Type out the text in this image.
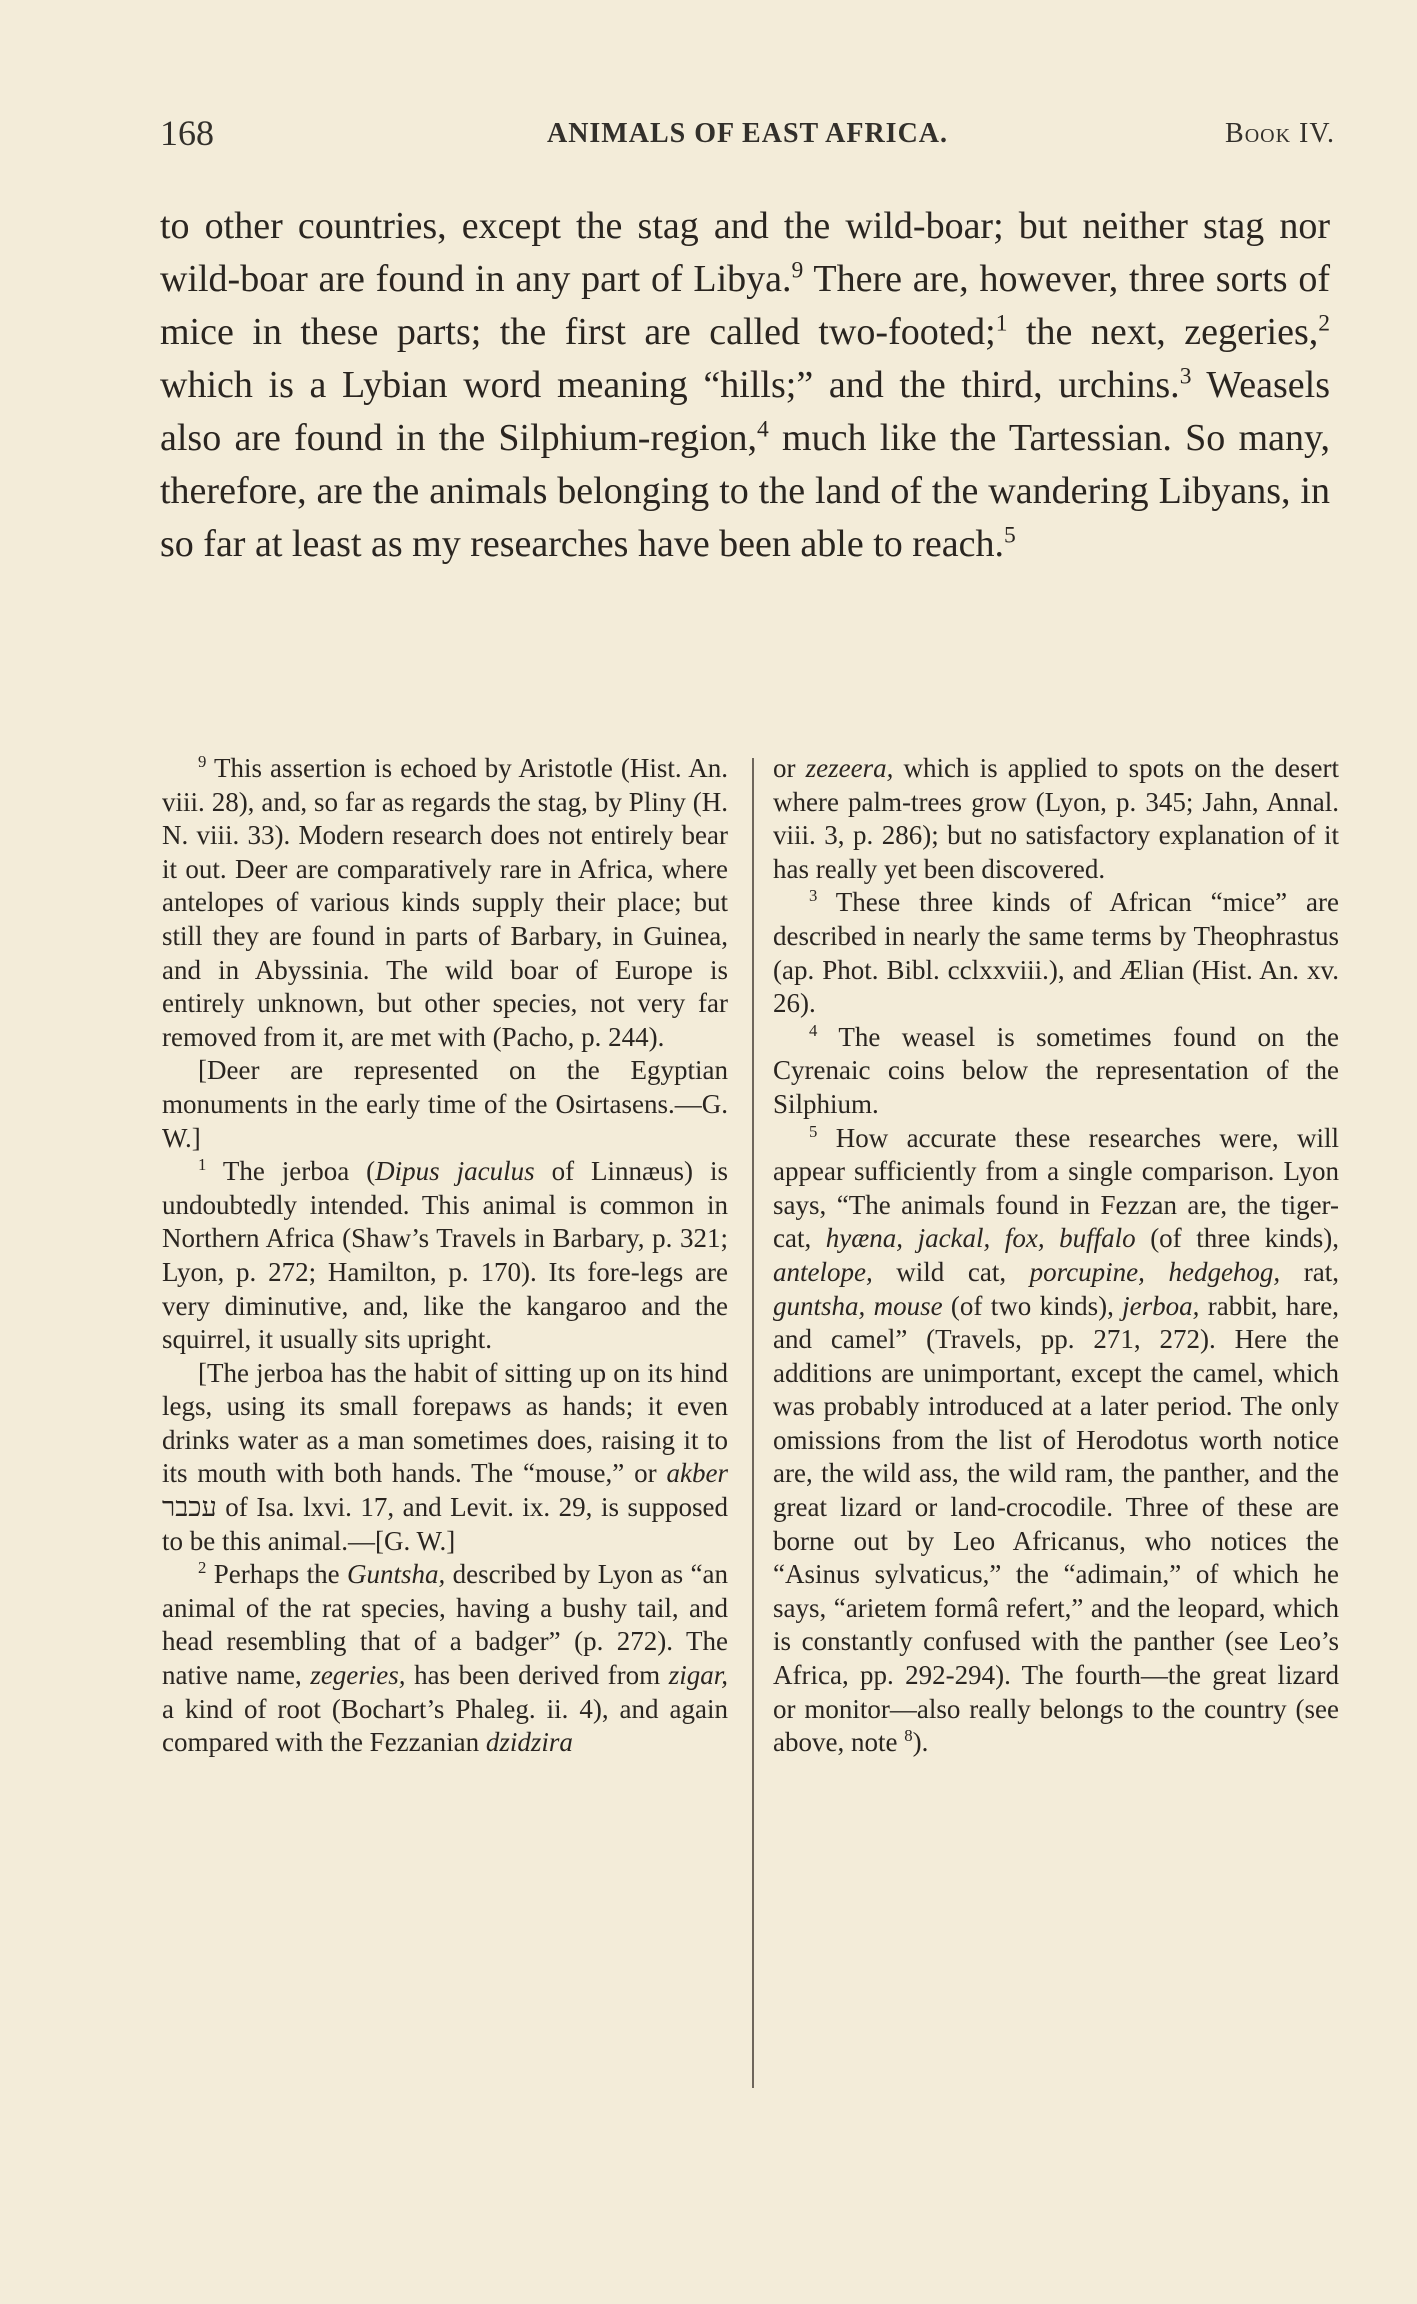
168	ANIMALS OF EAST AFRICA.	Book IV.

to other countries, except the stag and the wild-boar; but neither stag nor wild-boar are found in any part of Libya.$^9$ There are, however, three sorts of mice in these parts; the first are called two-footed;$^1$ the next, zegeries,$^2$ which is a Lybian word meaning “hills;” and the third, urchins.$^3$ Weasels also are found in the Silphium-region,$^4$ much like the Tartessian. So many, therefore, are the animals belonging to the land of the wandering Libyans, in so far at least as my researches have been able to reach.$^5$

$^9$ This assertion is echoed by Aristotle (Hist. An. viii. 28), and, so far as regards the stag, by Pliny (H. N. viii. 33). Modern research does not entirely bear it out. Deer are comparatively rare in Africa, where antelopes of various kinds supply their place; but still they are found in parts of Barbary, in Guinea, and in Abyssinia. The wild boar of Europe is entirely unknown, but other species, not very far removed from it, are met with (Pacho, p. 244).

[Deer are represented on the Egyptian monuments in the early time of the Osirtasens.—G. W.]

$^1$ The jerboa (Dipus jaculus of Linnæus) is undoubtedly intended. This animal is common in Northern Africa (Shaw’s Travels in Barbary, p. 321; Lyon, p. 272; Hamilton, p. 170). Its fore-legs are very diminutive, and, like the kangaroo and the squirrel, it usually sits upright.

[The jerboa has the habit of sitting up on its hind legs, using its small forepaws as hands; it even drinks water as a man sometimes does, raising it to its mouth with both hands. The “mouse,” or akber עכבר of Isa. lxvi. 17, and Levit. ix. 29, is supposed to be this animal.—[G. W.]

$^2$ Perhaps the Guntsha, described by Lyon as “an animal of the rat species, having a bushy tail, and head resembling that of a badger” (p. 272). The native name, zegeries, has been derived from zigar, a kind of root (Bochart’s Phaleg. ii. 4), and again compared with the Fezzanian dzidzira

or zezeera, which is applied to spots on the desert where palm-trees grow (Lyon, p. 345; Jahn, Annal. viii. 3, p. 286); but no satisfactory explanation of it has really yet been discovered.

$^3$ These three kinds of African “mice” are described in nearly the same terms by Theophrastus (ap. Phot. Bibl. cclxxviii.), and Ælian (Hist. An. xv. 26).

$^4$ The weasel is sometimes found on the Cyrenaic coins below the representation of the Silphium.

$^5$ How accurate these researches were, will appear sufficiently from a single comparison. Lyon says, “The animals found in Fezzan are, the tiger-cat, hyæna, jackal, fox, buffalo (of three kinds), antelope, wild cat, porcupine, hedgehog, rat, guntsha, mouse (of two kinds), jerboa, rabbit, hare, and camel” (Travels, pp. 271, 272). Here the additions are unimportant, except the camel, which was probably introduced at a later period. The only omissions from the list of Herodotus worth notice are, the wild ass, the wild ram, the panther, and the great lizard or land-crocodile. Three of these are borne out by Leo Africanus, who notices the “Asinus sylvaticus,” the “adimain,” of which he says, “arietem formâ refert,” and the leopard, which is constantly confused with the panther (see Leo’s Africa, pp. 292-294). The fourth—the great lizard or monitor—also really belongs to the country (see above, note $^8$).
